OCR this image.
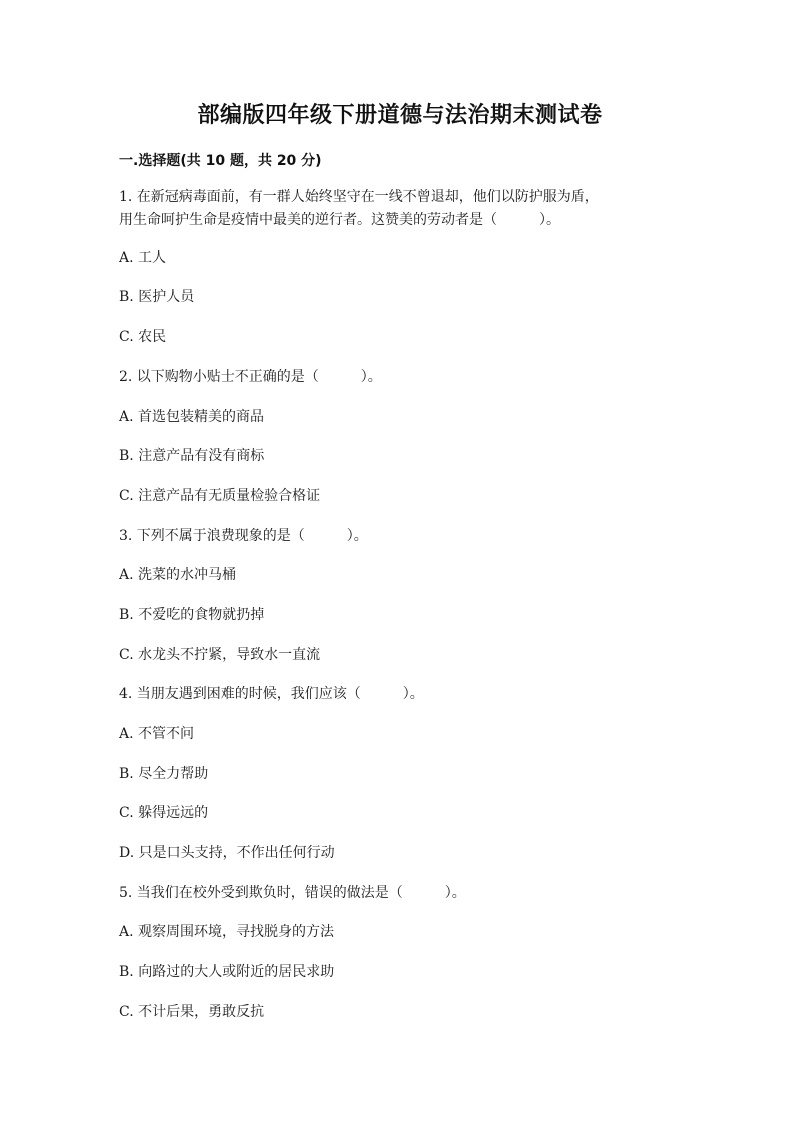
部编版四年级下册道德与法治期末测试卷
一.选择题(共 10 题，共 20 分)
1. 在新冠病毒面前，有一群人始终坚守在一线不曾退却，他们以防护服为盾，
用生命呵护生命是疫情中最美的逆行者。这赞美的劳动者是（　　　）。
A. 工人
B. 医护人员
C. 农民
2. 以下购物小贴士不正确的是（　　　）。
A. 首选包装精美的商品
B. 注意产品有没有商标
C. 注意产品有无质量检验合格证
3. 下列不属于浪费现象的是（　　　）。
A. 洗菜的水冲马桶
B. 不爱吃的食物就扔掉
C. 水龙头不拧紧，导致水一直流
4. 当朋友遇到困难的时候，我们应该（　　　）。
A. 不管不问
B. 尽全力帮助
C. 躲得远远的
D. 只是口头支持，不作出任何行动
5. 当我们在校外受到欺负时，错误的做法是（　　　）。
A. 观察周围环境，寻找脱身的方法
B. 向路过的大人或附近的居民求助
C. 不计后果，勇敢反抗
